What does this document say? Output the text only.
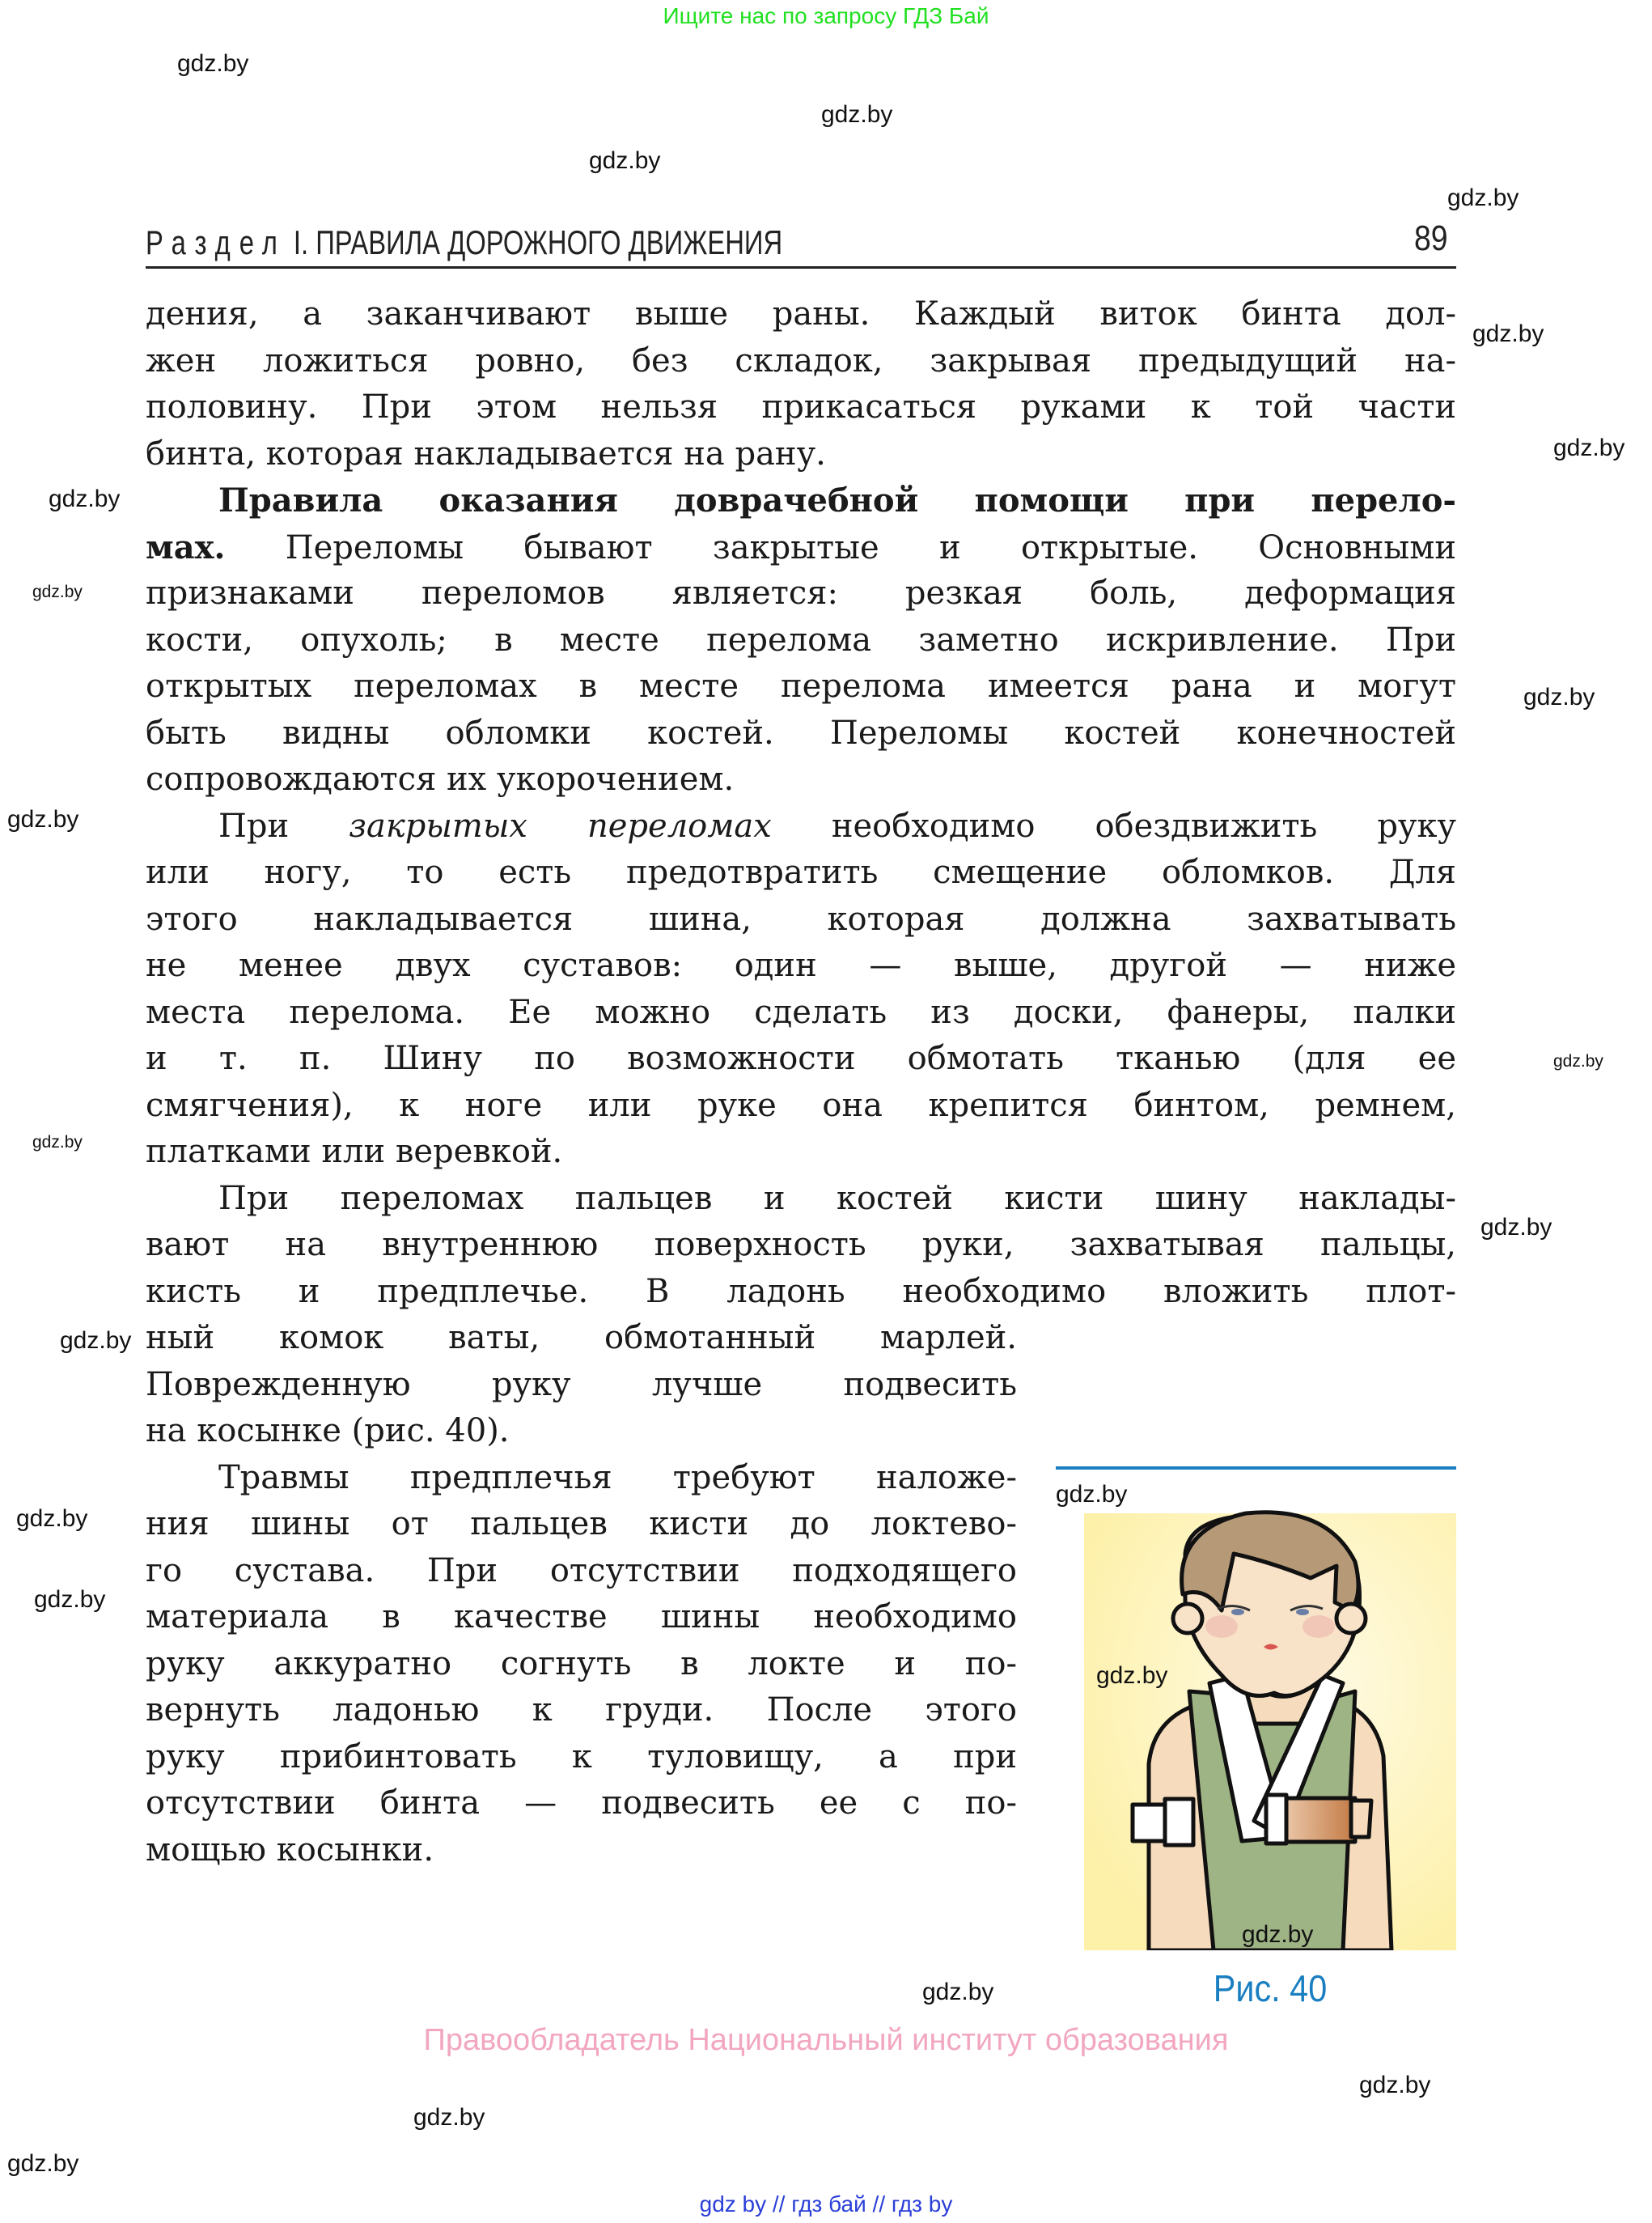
Ищите нас по запросу ГДЗ Бай
gdz.by
gdz.by
gdz.by
gdz.by
gdz.by
gdz.by
gdz.by
gdz.by
gdz.by
gdz.by
gdz.by
gdz.by
gdz.by
gdz.by
gdz.by
gdz.by
gdz.by
gdz.by
gdz.by
gdz.by
gdz.by
Раздел I. ПРАВИЛА ДОРОЖНОГО ДВИЖЕНИЯ	89
дения, а заканчивают выше раны. Каждый виток бинта дол-
жен ложиться ровно, без складок, закрывая предыдущий на-
половину. При этом нельзя прикасаться руками к той части
бинта, которая накладывается на рану.
Правила оказания доврачебной помощи при перело-
мах. Переломы бывают закрытые и открытые. Основными
признаками переломов является: резкая боль, деформация
кости, опухоль; в месте перелома заметно искривление. При
открытых переломах в месте перелома имеется рана и могут
быть видны обломки костей. Переломы костей конечностей
сопровождаются их укорочением.
При закрытых переломах необходимо обездвижить руку
или ногу, то есть предотвратить смещение обломков. Для
этого накладывается шина, которая должна захватывать
не менее двух суставов: один — выше, другой — ниже
места перелома. Ее можно сделать из доски, фанеры, палки
и т. п. Шину по возможности обмотать тканью (для ее
смягчения), к ноге или руке она крепится бинтом, ремнем,
платками или веревкой.
При переломах пальцев и костей кисти шину наклады-
вают на внутреннюю поверхность руки, захватывая пальцы,
кисть и предплечье. В ладонь необходимо вложить плот-
ный комок ваты, обмотанный марлей.
Поврежденную руку лучше подвесить
на косынке (рис. 40).
Травмы предплечья требуют наложе-
ния шины от пальцев кисти до локтево-
го сустава. При отсутствии подходящего
материала в качестве шины необходимо
руку аккуратно согнуть в локте и по-
вернуть ладонью к груди. После этого
руку прибинтовать к туловищу, а при
отсутствии бинта — подвесить ее с по-
мощью косынки.
gdz.by
gdz.by
Рис. 40
Правообладатель Национальный институт образования
gdz by // гдз бай // гдз by
